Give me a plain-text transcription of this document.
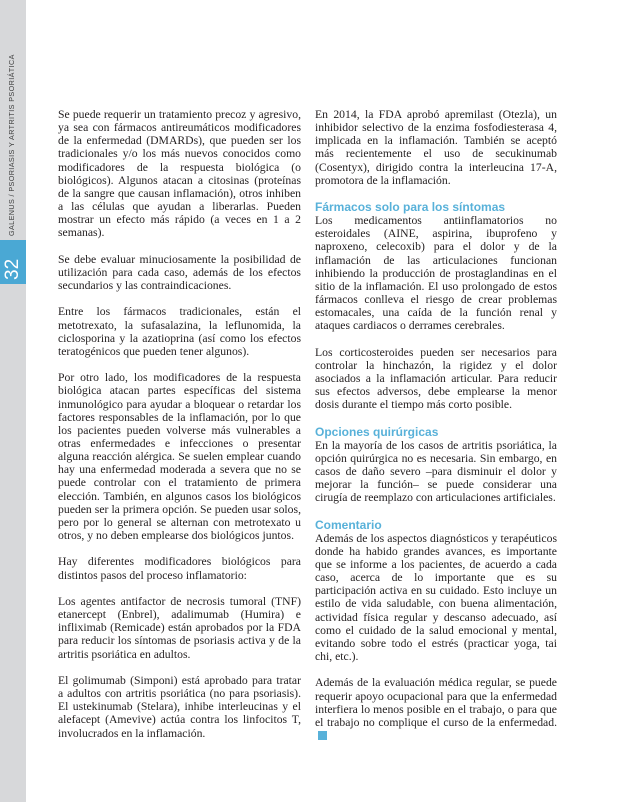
32
GALENUS / PSORIASIS Y ARTRITIS PSORIÁTICA	Se puede requerir un tratamiento precoz y agresivo, ya sea con fármacos antireumáticos modificadores de la enfermedad (DMARDs), que pueden ser los tradicionales y/o los más nuevos conocidos como modificadores de la respuesta biológica (o biológicos). Algunos atacan a citosinas (proteínas de la sangre que causan inflamación), otros inhiben a las células que ayudan a liberarlas. Pueden mostrar un efecto más rápido (a veces en 1 a 2 semanas).

Se debe evaluar minuciosamente la posibilidad de utilización para cada caso, además de los efectos secundarios y las contraindicaciones.

Entre los fármacos tradicionales, están el metotrexato, la sufasalazina, la leflunomida, la ciclosporina y la azatioprina (así como los efectos teratogénicos que pueden tener algunos).

Por otro lado, los modificadores de la respuesta biológica atacan partes específicas del sistema inmunológico para ayudar a bloquear o retardar los factores responsables de la inflamación, por lo que los pacientes pueden volverse más vulnerables a otras enfermedades e infecciones o presentar alguna reacción alérgica. Se suelen emplear cuando hay una enfermedad moderada a severa que no se puede controlar con el tratamiento de primera elección. También, en algunos casos los biológicos pueden ser la primera opción. Se pueden usar solos, pero por lo general se alternan con metrotexato u otros, y no deben emplearse dos biológicos juntos.

Hay diferentes modificadores biológicos para distintos pasos del proceso inflamatorio:

Los agentes antifactor de necrosis tumoral (TNF) etanercept (Enbrel), adalimumab (Humira) e infliximab (Remicade) están aprobados por la FDA para reducir los síntomas de psoriasis activa y de la artritis psoriática en adultos.

El golimumab (Simponi) está aprobado para tratar a adultos con artritis psoriática (no para psoriasis). El ustekinumab (Stelara), inhibe interleucinas y el alefacept (Amevive) actúa contra los linfocitos T, involucrados en la inflamación.

En 2014, la FDA aprobó apremilast (Otezla), un inhibidor selectivo de la enzima fosfodiesterasa 4, implicada en la inflamación. También se aceptó más recientemente el uso de secukinumab (Cosentyx), dirigido contra la interleucina 17-A, promotora de la inflamación.

Fármacos solo para los síntomas

Los medicamentos antiinflamatorios no esteroidales (AINE, aspirina, ibuprofeno y naproxeno, celecoxib) para el dolor y de la inflamación de las articulaciones funcionan inhibiendo la producción de prostaglandinas en el sitio de la inflamación. El uso prolongado de estos fármacos conlleva el riesgo de crear problemas estomacales, una caída de la función renal y ataques cardiacos o derrames cerebrales.

Los corticosteroides pueden ser necesarios para controlar la hinchazón, la rigidez y el dolor asociados a la inflamación articular. Para reducir sus efectos adversos, debe emplearse la menor dosis durante el tiempo más corto posible.

Opciones quirúrgicas

En la mayoría de los casos de artritis psoriática, la opción quirúrgica no es necesaria. Sin embargo, en casos de daño severo –para disminuir el dolor y mejorar la función– se puede considerar una cirugía de reemplazo con articulaciones artificiales.

Comentario

Además de los aspectos diagnósticos y terapéuticos donde ha habido grandes avances, es importante que se informe a los pacientes, de acuerdo a cada caso, acerca de lo importante que es su participación activa en su cuidado. Esto incluye un estilo de vida saludable, con buena alimentación, actividad física regular y descanso adecuado, así como el cuidado de la salud emocional y mental, evitando sobre todo el estrés (practicar yoga, tai chi, etc.).

Además de la evaluación médica regular, se puede requerir apoyo ocupacional para que la enfermedad interfiera lo menos posible en el trabajo, o para que el trabajo no complique el curso de la enfermedad.
